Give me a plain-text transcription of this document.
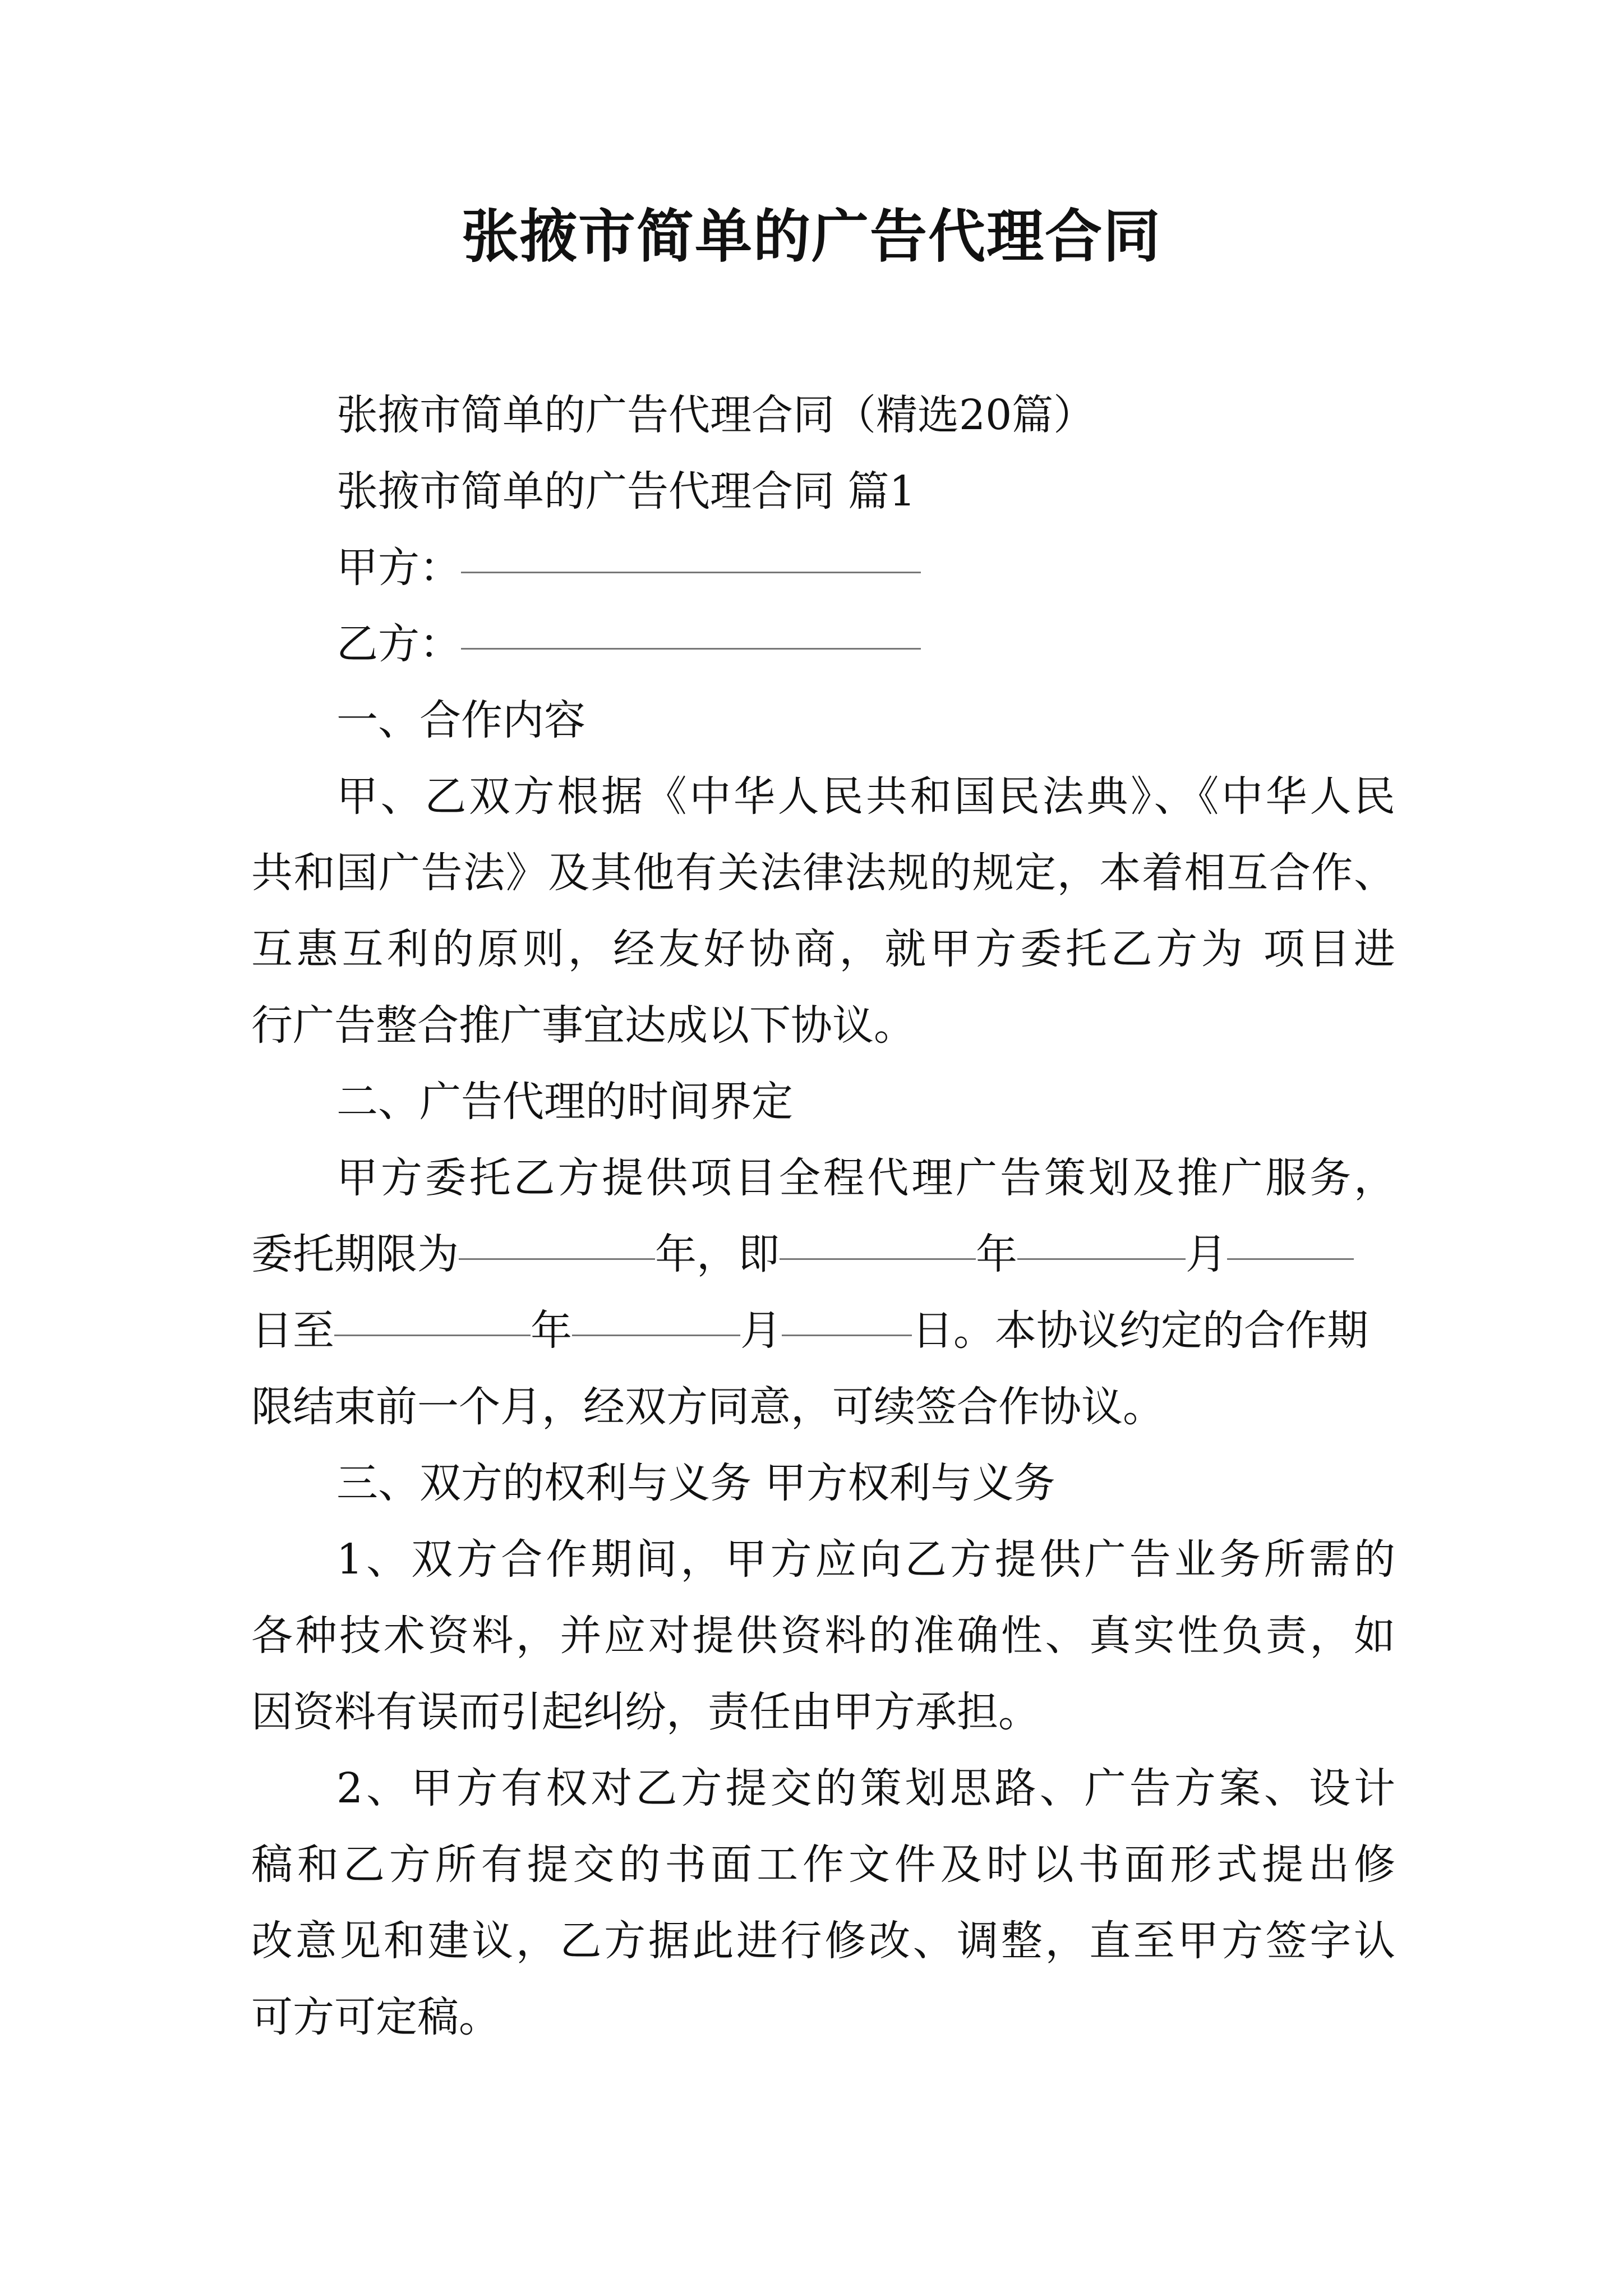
张掖市简单的广告代理合同
张掖市简单的广告代理合同（精选20篇）
张掖市简单的广告代理合同 篇1
甲方：
乙方：
一、合作内容
甲、乙双方根据《中华人民共和国民法典》、《中华人民
共和国广告法》及其他有关法律法规的规定，本着相互合作、
互惠互利的原则，经友好协商，就甲方委托乙方为 项目进
行广告整合推广事宜达成以下协议。
二、广告代理的时间界定
甲方委托乙方提供项目全程代理广告策划及推广服务，
委托期限为	年，即	年	月
日至	年	月	日。本协议约定的合作期
限结束前一个月，经双方同意，可续签合作协议。
三、双方的权利与义务 甲方权利与义务
1、双方合作期间，甲方应向乙方提供广告业务所需的
各种技术资料，并应对提供资料的准确性、真实性负责，如
因资料有误而引起纠纷，责任由甲方承担。
2、甲方有权对乙方提交的策划思路、广告方案、设计
稿和乙方所有提交的书面工作文件及时以书面形式提出修
改意见和建议，乙方据此进行修改、调整，直至甲方签字认
可方可定稿。
